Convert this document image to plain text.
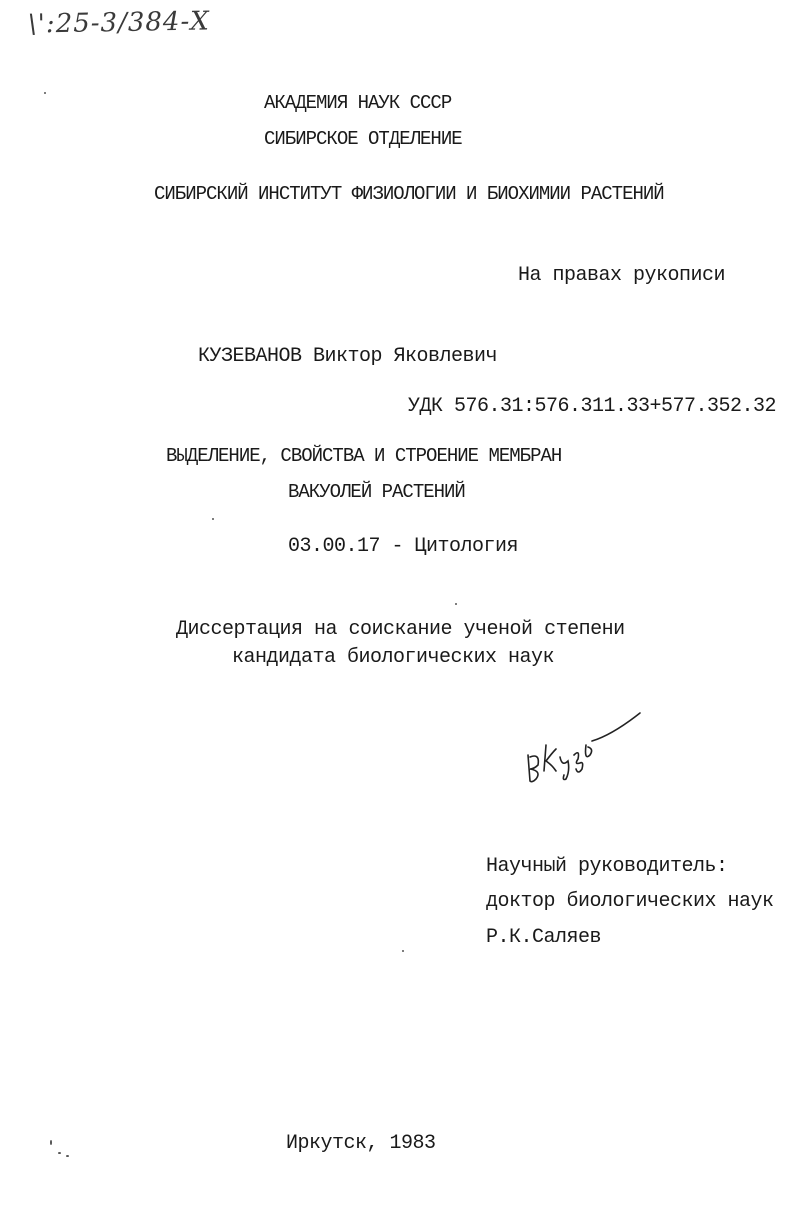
\':25-3/384-Х
АКАДЕМИЯ НАУК СССР
СИБИРСКОЕ ОТДЕЛЕНИЕ
СИБИРСКИЙ ИНСТИТУТ ФИЗИОЛОГИИ И БИОХИМИИ РАСТЕНИЙ
На правах рукописи
КУЗЕВАНОВ Виктор Яковлевич
УДК 576.31:576.311.33+577.352.32
ВЫДЕЛЕНИЕ, СВОЙСТВА И СТРОЕНИЕ МЕМБРАН
ВАКУОЛЕЙ РАСТЕНИЙ
03.00.17 - Цитология
Диссертация на соискание ученой степени
кандидата биологических наук
Научный руководитель:
доктор биологических наук
Р.К.Саляев
Иркутск, 1983
